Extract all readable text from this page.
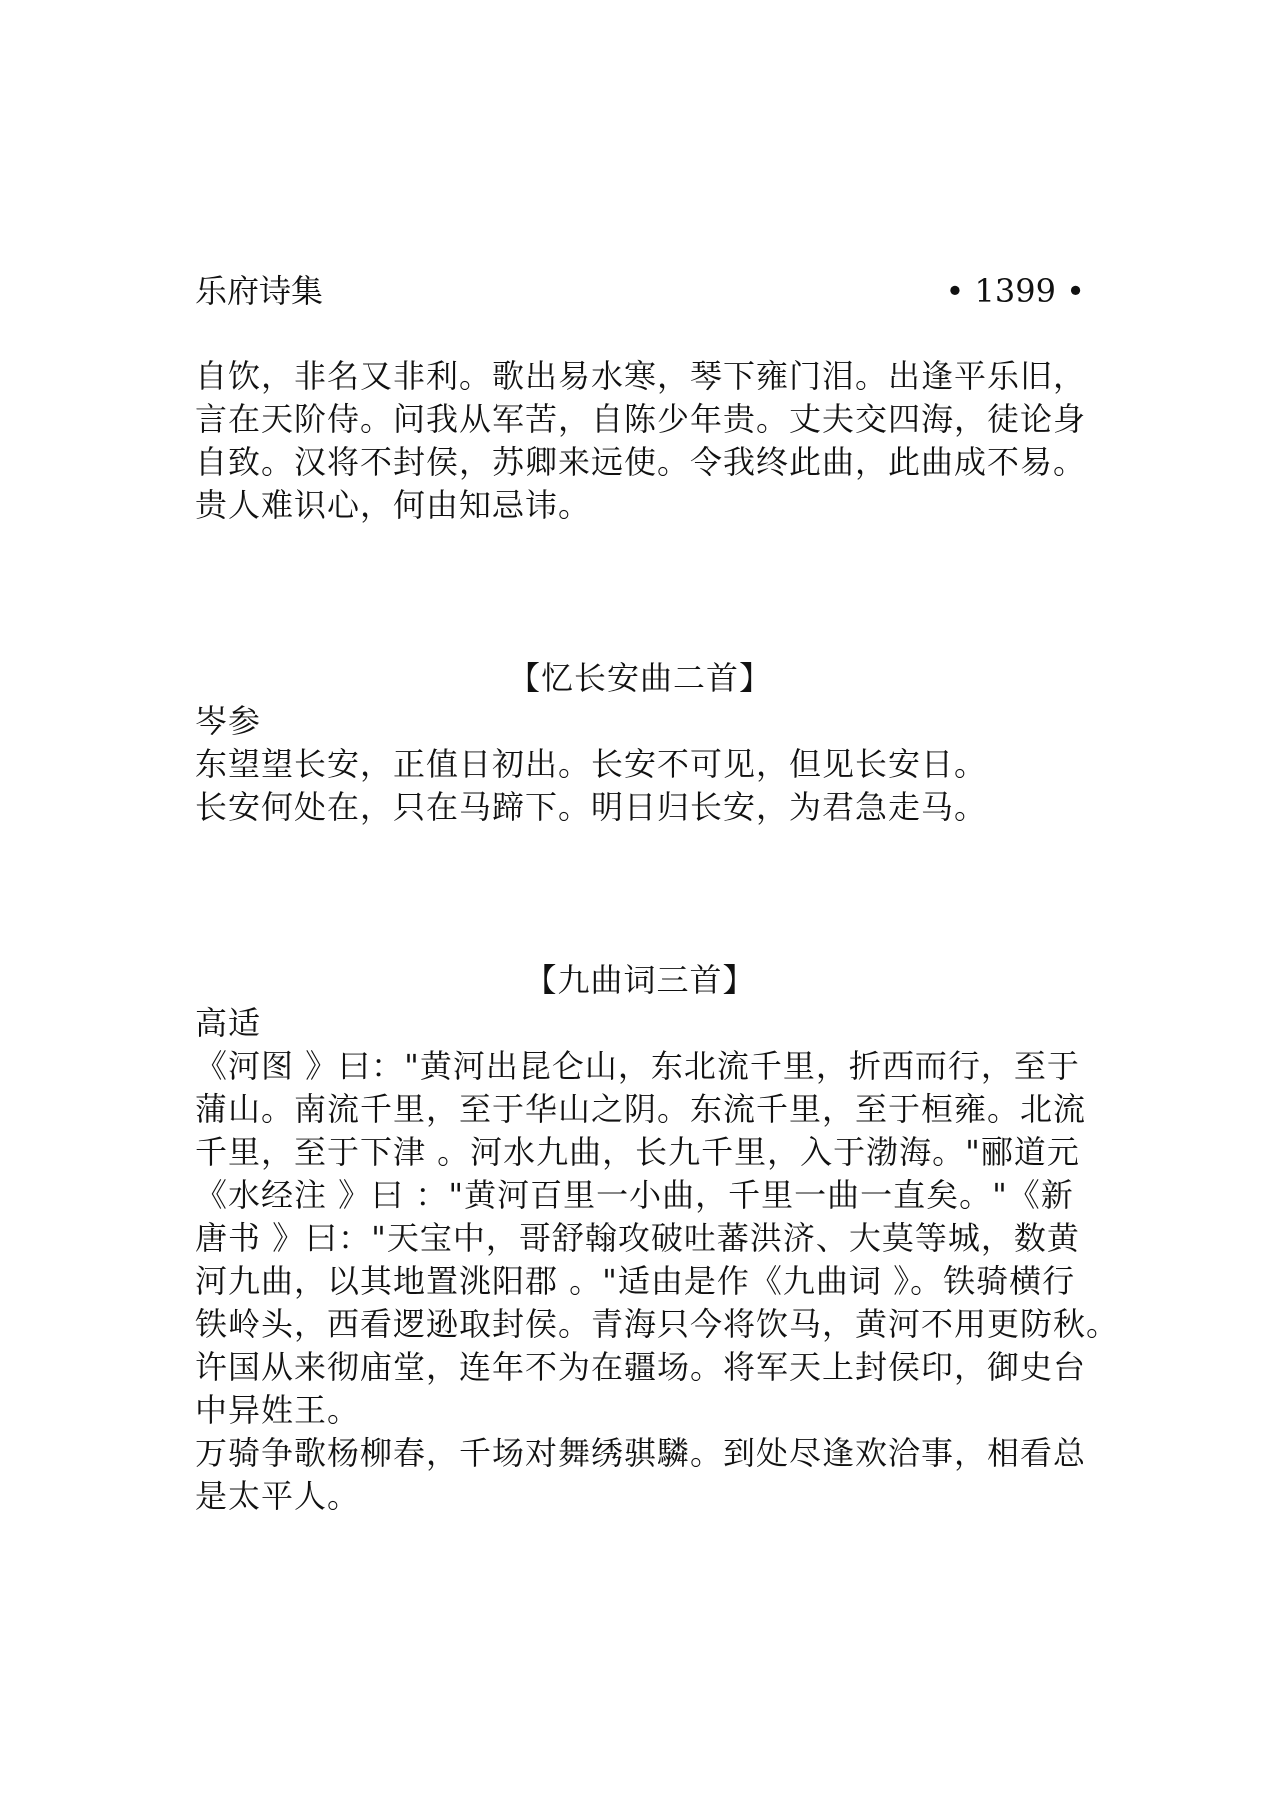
乐府诗集	• 1399 •
自饮，非名又非利。歌出易水寒，琴下雍门泪。出逢平乐旧，
言在天阶侍。问我从军苦，自陈少年贵。丈夫交四海，徒论身
自致。汉将不封侯，苏卿来远使。令我终此曲，此曲成不易。
贵人难识心，何由知忌讳。
【忆长安曲二首】
岑参
东望望长安，正值日初出。长安不可见，但见长安日。
长安何处在，只在马蹄下。明日归长安，为君急走马。
【九曲词三首】
高适
《河图 》曰："黄河出昆仑山，东北流千里，折西而行，至于
蒲山。南流千里，至于华山之阴。东流千里，至于桓雍。北流
千里，至于下津 。河水九曲，长九千里，入于渤海。"郦道元
《水经注 》曰 ："黄河百里一小曲，千里一曲一直矣。"《新
唐书 》曰："天宝中，哥舒翰攻破吐蕃洪济、大莫等城，数黄
河九曲，以其地置洮阳郡 。"适由是作《九曲词 》。铁骑横行
铁岭头，西看逻逊取封侯。青海只今将饮马，黄河不用更防秋。
许国从来彻庙堂，连年不为在疆场。将军天上封侯印，御史台
中异姓王。
万骑争歌杨柳春，千场对舞绣骐驎。到处尽逢欢洽事，相看总
是太平人。
